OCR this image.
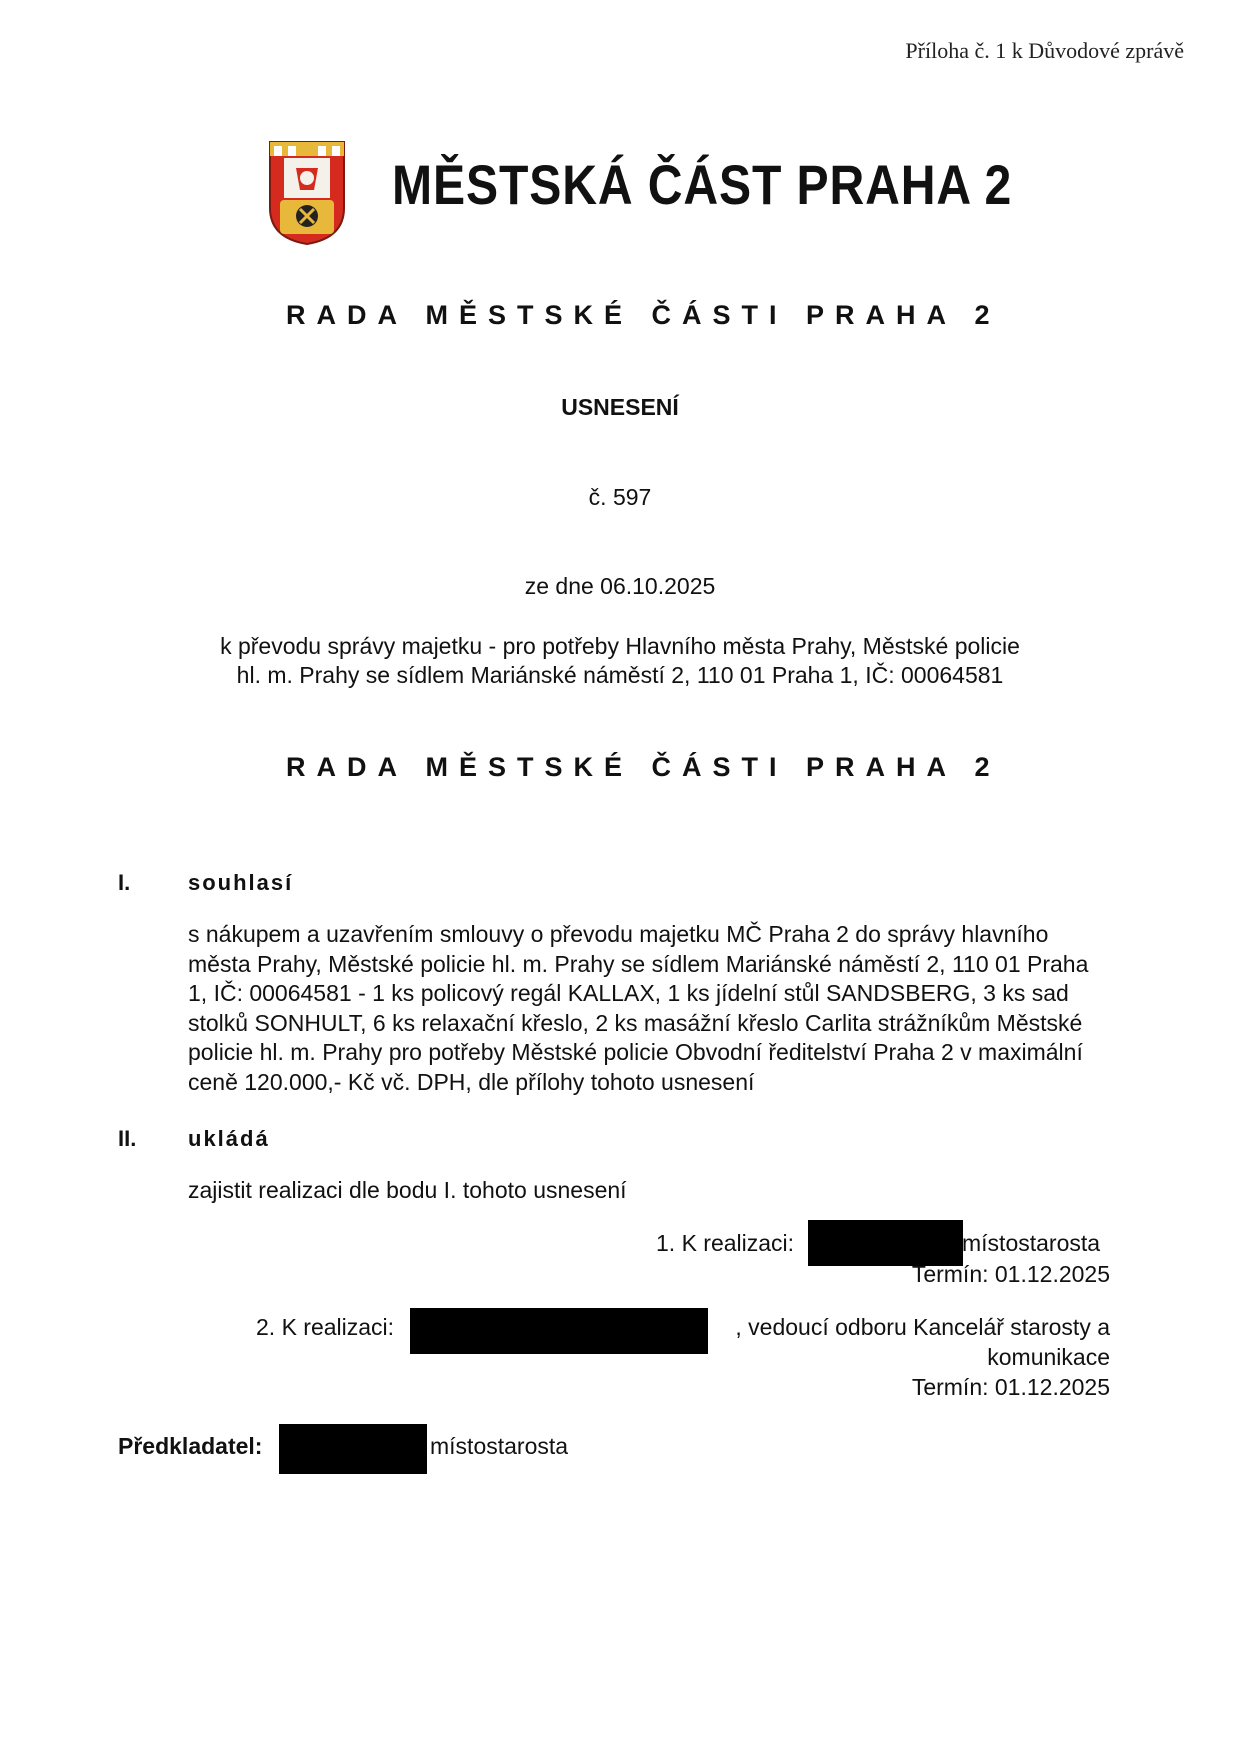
Příloha č. 1 k Důvodové zprávě
MĚSTSKÁ ČÁST PRAHA 2
RADA MĚSTSKÉ ČÁSTI PRAHA 2
USNESENÍ
č. 597
ze dne 06.10.2025
k převodu správy majetku - pro potřeby Hlavního města Prahy, Městské policie
hl. m. Prahy se sídlem Mariánské náměstí 2, 110 01 Praha 1, IČ: 00064581
RADA MĚSTSKÉ ČÁSTI PRAHA 2
I.	souhlasí
s nákupem a uzavřením smlouvy o převodu majetku MČ Praha 2 do správy hlavního města Prahy, Městské policie hl. m. Prahy se sídlem Mariánské náměstí 2, 110 01 Praha 1, IČ: 00064581 - 1 ks policový regál KALLAX, 1 ks jídelní stůl SANDSBERG, 3 ks sad stolků SONHULT, 6 ks relaxační křeslo, 2 ks masážní křeslo Carlita strážníkům Městské policie hl. m. Prahy pro potřeby Městské policie Obvodní ředitelství Praha 2 v maximální ceně 120.000,- Kč vč. DPH, dle přílohy tohoto usnesení
II. ukládá
zajistit realizaci dle bodu I. tohoto usnesení
1. K realizaci:	místostarosta
Termín: 01.12.2025
2. K realizaci:	, vedoucí odboru Kancelář starosty a
komunikace
Termín: 01.12.2025
Předkladatel:	místostarosta
